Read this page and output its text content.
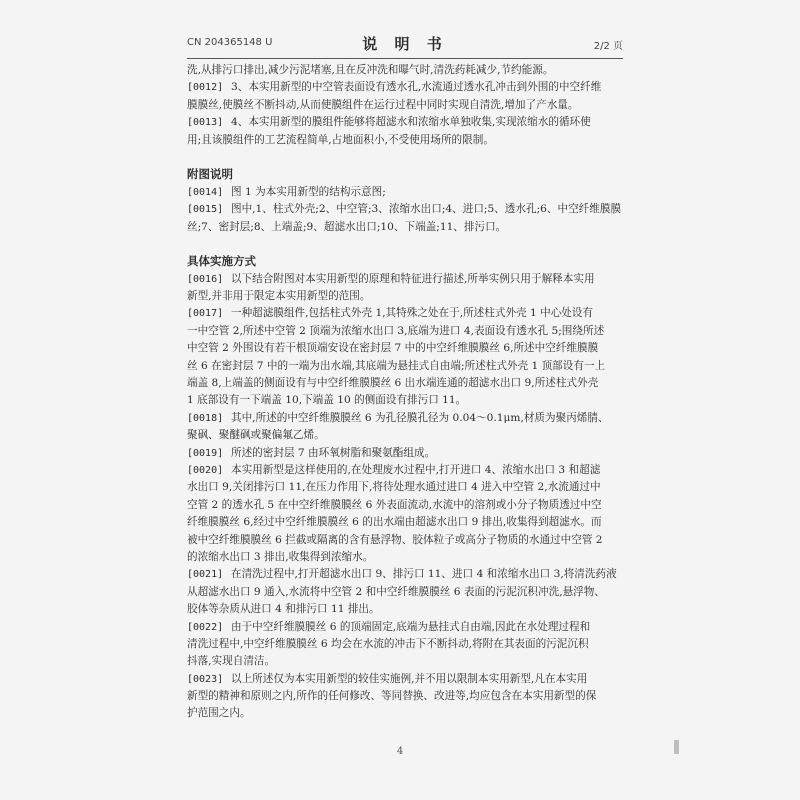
CN 204365148 U	说 明 书	2/2 页
洗,从排污口排出,减少污泥堵塞,且在反冲洗和曝气时,清洗药耗减少,节约能源。
[0012] 3、本实用新型的中空管表面设有透水孔,水流通过透水孔冲击到外围的中空纤维
膜膜丝,使膜丝不断抖动,从而使膜组件在运行过程中同时实现自清洗,增加了产水量。
[0013] 4、本实用新型的膜组件能够将超滤水和浓缩水单独收集,实现浓缩水的循环使
用;且该膜组件的工艺流程简单,占地面积小,不受使用场所的限制。
附图说明
[0014] 图 1 为本实用新型的结构示意图;
[0015] 图中,1、柱式外壳;2、中空管;3、浓缩水出口;4、进口;5、透水孔;6、中空纤维膜膜
丝;7、密封层;8、上端盖;9、超滤水出口;10、下端盖;11、排污口。
具体实施方式
[0016] 以下结合附图对本实用新型的原理和特征进行描述,所举实例只用于解释本实用
新型,并非用于限定本实用新型的范围。
[0017] 一种超滤膜组件,包括柱式外壳 1,其特殊之处在于,所述柱式外壳 1 中心处设有
一中空管 2,所述中空管 2 顶端为浓缩水出口 3,底端为进口 4,表面设有透水孔 5;围绕所述
中空管 2 外围设有若干根顶端安设在密封层 7 中的中空纤维膜膜丝 6,所述中空纤维膜膜
丝 6 在密封层 7 中的一端为出水端,其底端为悬挂式自由端;所述柱式外壳 1 顶部设有一上
端盖 8,上端盖的侧面设有与中空纤维膜膜丝 6 出水端连通的超滤水出口 9,所述柱式外壳
1 底部设有一下端盖 10,下端盖 10 的侧面设有排污口 11。
[0018] 其中,所述的中空纤维膜膜丝 6 为孔径膜孔径为 0.04～0.1μm,材质为聚丙烯腈、
聚砜、聚醚砜或聚偏氟乙烯。
[0019] 所述的密封层 7 由环氧树脂和聚氨酯组成。
[0020] 本实用新型是这样使用的,在处理废水过程中,打开进口 4、浓缩水出口 3 和超滤
水出口 9,关闭排污口 11,在压力作用下,将待处理水通过进口 4 进入中空管 2,水流通过中
空管 2 的透水孔 5 在中空纤维膜膜丝 6 外表面流动,水流中的溶剂或小分子物质透过中空
纤维膜膜丝 6,经过中空纤维膜膜丝 6 的出水端由超滤水出口 9 排出,收集得到超滤水。而
被中空纤维膜膜丝 6 拦截或隔离的含有悬浮物、胶体粒子或高分子物质的水通过中空管 2
的浓缩水出口 3 排出,收集得到浓缩水。
[0021] 在清洗过程中,打开超滤水出口 9、排污口 11、进口 4 和浓缩水出口 3,将清洗药液
从超滤水出口 9 通入,水流将中空管 2 和中空纤维膜膜丝 6 表面的污泥沉积冲洗,悬浮物、
胶体等杂质从进口 4 和排污口 11 排出。
[0022] 由于中空纤维膜膜丝 6 的顶端固定,底端为悬挂式自由端,因此在水处理过程和
清洗过程中,中空纤维膜膜丝 6 均会在水流的冲击下不断抖动,将附在其表面的污泥沉积
抖落,实现自清洁。
[0023] 以上所述仅为本实用新型的较佳实施例,并不用以限制本实用新型,凡在本实用
新型的精神和原则之内,所作的任何修改、等同替换、改进等,均应包含在本实用新型的保
护范围之内。
4
